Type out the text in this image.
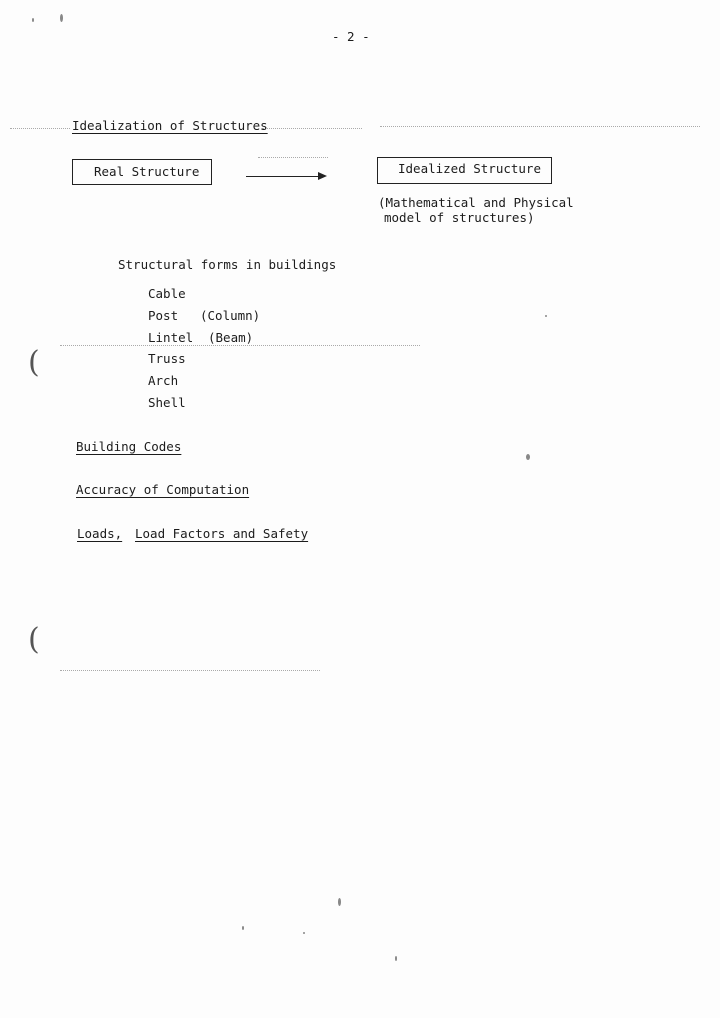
(
(
- 2 -
Idealization of Structures
Real Structure	Idealized Structure
(Mathematical and Physical
model of structures)
Structural forms in buildings
Cable
Post (Column)
Lintel (Beam)
Truss
Arch
Shell
Building Codes
Accuracy of Computation
Loads, Load Factors and Safety
